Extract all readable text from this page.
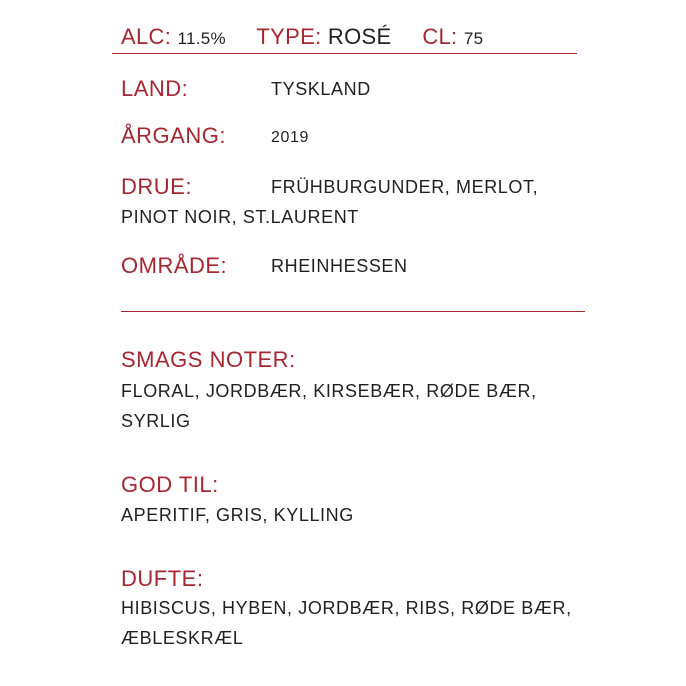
ALC: 11.5% TYPE: ROSÉ CL: 75
LAND:	TYSKLAND
ÅRGANG:	2019
DRUE:	FRÜHBURGUNDER, MERLOT,
PINOT NOIR, ST.LAURENT
OMRÅDE: RHEINHESSEN
SMAGS NOTER:
FLORAL, JORDBÆR, KIRSEBÆR, RØDE BÆR, SYRLIG
GOD TIL:
APERITIF, GRIS, KYLLING
DUFTE:
HIBISCUS, HYBEN, JORDBÆR, RIBS, RØDE BÆR, ÆBLESKRÆL
